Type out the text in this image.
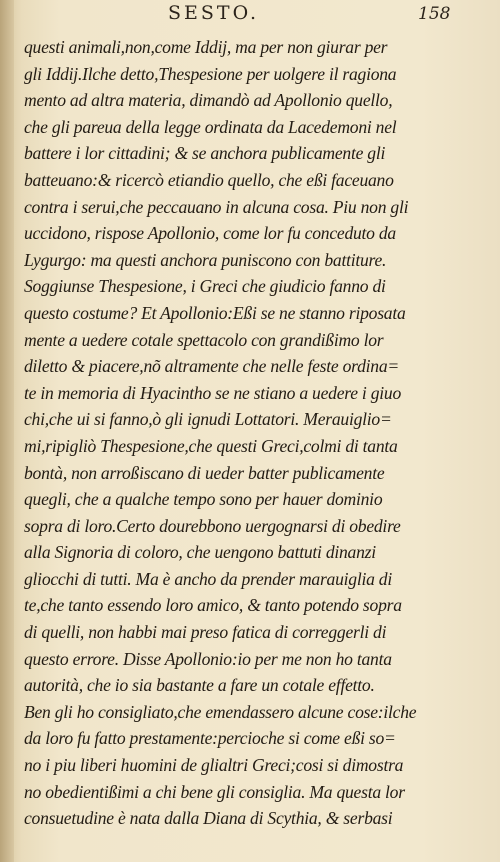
SESTO.	158
questi animali,non,come Iddij, ma per non giurar per
gli Iddij.Ilche detto,Thespesione per uolgere il ragiona
mento ad altra materia, dimandò ad Apollonio quello,
che gli pareua della legge ordinata da Lacedemoni nel
battere i lor cittadini; & se anchora publicamente gli
batteuano:& ricercò etiandio quello, che eßi faceuano
contra i serui,che peccauano in alcuna cosa. Piu non gli
uccidono, rispose Apollonio, come lor fu conceduto da
Lygurgo: ma questi anchora puniscono con battiture.
Soggiunse Thespesione, i Greci che giudicio fanno di
questo costume? Et Apollonio:Eßi se ne stanno riposata
mente a uedere cotale spettacolo con grandißimo lor
diletto & piacere,nõ altramente che nelle feste ordina=
te in memoria di Hyacintho se ne stiano a uedere i giuo
chi,che ui si fanno,ò gli ignudi Lottatori. Merauiglio=
mi,ripigliò Thespesione,che questi Greci,colmi di tanta
bontà, non arroßiscano di ueder batter publicamente
quegli, che a qualche tempo sono per hauer dominio
sopra di loro.Certo dourebbono uergognarsi di obedire
alla Signoria di coloro, che uengono battuti dinanzi
gliocchi di tutti. Ma è ancho da prender marauiglia di
te,che tanto essendo loro amico, & tanto potendo sopra
di quelli, non habbi mai preso fatica di correggerli di
questo errore. Disse Apollonio:io per me non ho tanta
autorità, che io sia bastante a fare un cotale effetto.
Ben gli ho consigliato,che emendassero alcune cose:ilche
da loro fu fatto prestamente:percioche si come eßi so=
no i piu liberi huomini de glialtri Greci;cosi si dimostra
no obedientißimi a chi bene gli consiglia. Ma questa lor
consuetudine è nata dalla Diana di Scythia, & serbasi
